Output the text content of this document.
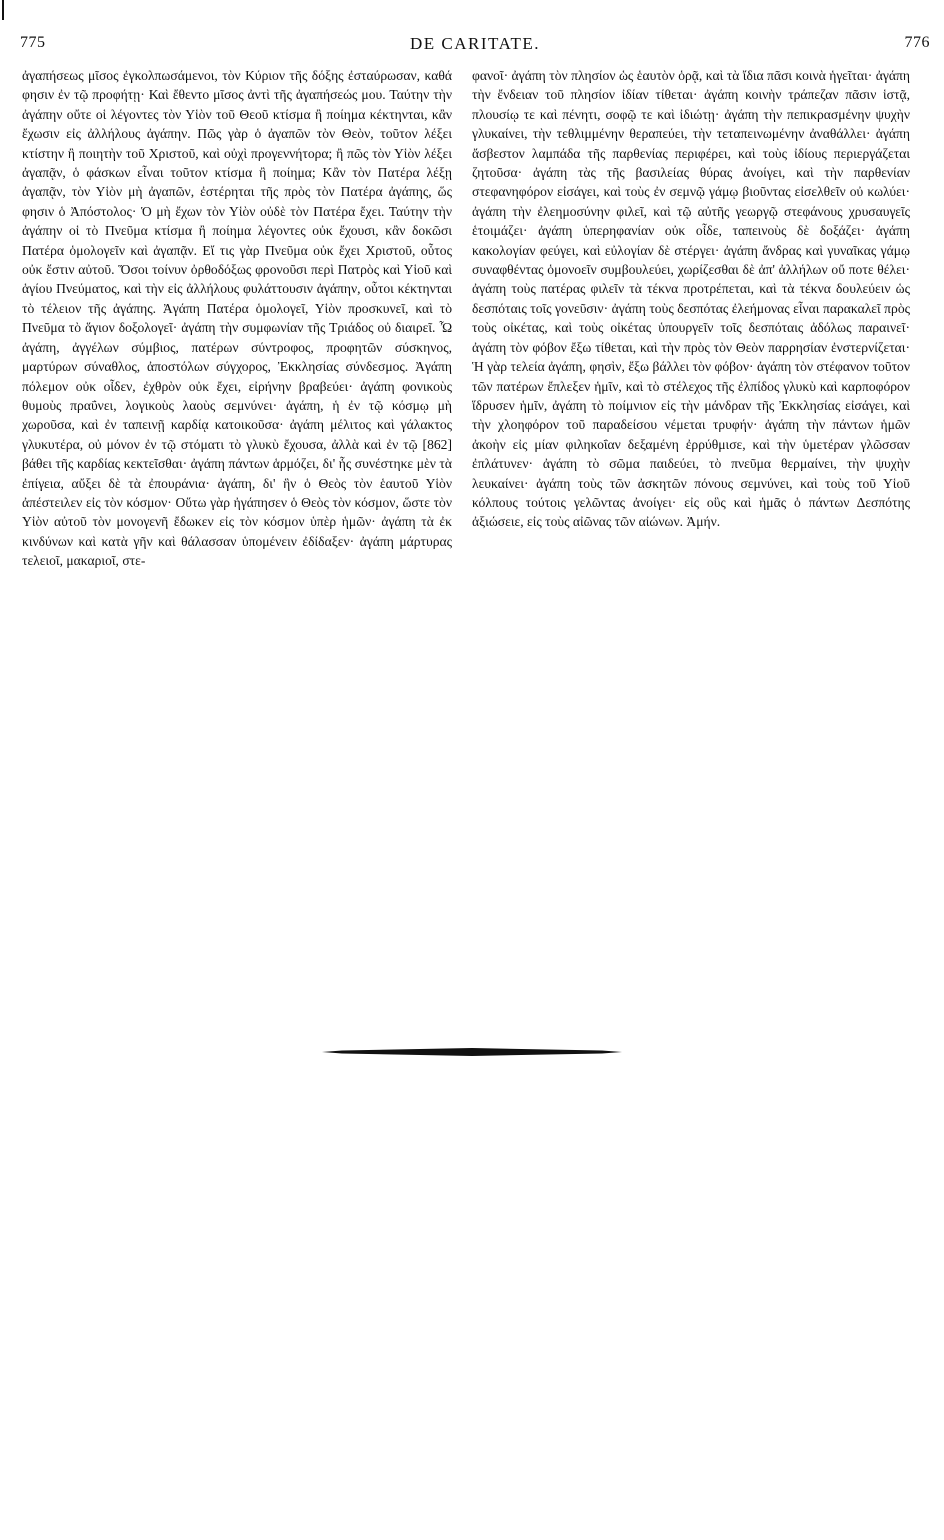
775	DE CARITATE.	776

ἀγαπήσεως μῖσος ἐγκολπωσάμενοι, τὸν Κύριον τῆς δόξης ἐσταύρωσαν, καθά φησιν ἐν τῷ προφήτῃ· Καὶ ἔθεντο μῖσος ἀντὶ τῆς ἀγαπήσεώς μου. Ταύτην τὴν ἀγάπην οὔτε οἱ λέγοντες τὸν Υἱὸν τοῦ Θεοῦ κτίσμα ἢ ποίημα κέκτηνται, κἂν ἔχωσιν εἰς ἀλλήλους ἀγάπην. Πῶς γὰρ ὁ ἀγαπῶν τὸν Θεὸν, τοῦτον λέξει κτίστην ἢ ποιητὴν τοῦ Χριστοῦ, καὶ οὐχὶ προγεννήτορα; ἢ πῶς τὸν Υἱὸν λέξει ἀγαπᾷν, ὁ φάσκων εἶναι τοῦτον κτίσμα ἢ ποίημα; Κἂν τὸν Πατέρα λέξῃ ἀγαπᾷν, τὸν Υἱὸν μὴ ἀγαπῶν, ἐστέρηται τῆς πρὸς τὸν Πατέρα ἀγάπης, ὥς φησιν ὁ Ἀπόστολος· Ὁ μὴ ἔχων τὸν Υἱὸν οὐδὲ τὸν Πατέρα ἔχει. Ταύτην τὴν ἀγάπην οἱ τὸ Πνεῦμα κτίσμα ἢ ποίημα λέγοντες οὐκ ἔχουσι, κἂν δοκῶσι Πατέρα ὁμολογεῖν καὶ ἀγαπᾷν. Εἴ τις γὰρ Πνεῦμα οὐκ ἔχει Χριστοῦ, οὗτος οὐκ ἔστιν αὐτοῦ. Ὅσοι τοίνυν ὀρθοδόξως φρονοῦσι περὶ Πατρὸς καὶ Υἱοῦ καὶ ἁγίου Πνεύματος, καὶ τὴν εἰς ἀλλήλους φυλάττουσιν ἀγάπην, οὗτοι κέκτηνται τὸ τέλειον τῆς ἀγάπης. Ἀγάπη Πατέρα ὁμολογεῖ, Υἱὸν προσκυνεῖ, καὶ τὸ Πνεῦμα τὸ ἅγιον δοξολογεῖ· ἀγάπη τὴν συμφωνίαν τῆς Τριάδος οὐ διαιρεῖ. Ὦ ἀγάπη, ἀγγέλων σύμβιος, πατέρων σύντροφος, προφητῶν σύσκηνος, μαρτύρων σύναθλος, ἀποστόλων σύγχορος, Ἐκκλησίας σύνδεσμος. Ἀγάπη πόλεμον οὐκ οἶδεν, ἐχθρὸν οὐκ ἔχει, εἰρήνην βραβεύει· ἀγάπη φονικοὺς θυμοὺς πραΰνει, λογικοὺς λαοὺς σεμνύνει· ἀγάπη, ἡ ἐν τῷ κόσμῳ μὴ χωροῦσα, καὶ ἐν ταπεινῇ καρδίᾳ κατοικοῦσα· ἀγάπη μέλιτος καὶ γάλακτος γλυκυτέρα, οὐ μόνον ἐν τῷ στόματι τὸ γλυκὺ ἔχουσα, ἀλλὰ καὶ ἐν τῷ [862] βάθει τῆς καρδίας κεκτεῖσθαι· ἀγάπη πάντων ἁρμόζει, δι' ἧς συνέστηκε μὲν τὰ ἐπίγεια, αὔξει δὲ τὰ ἐπουράνια· ἀγάπη, δι' ἣν ὁ Θεὸς τὸν ἑαυτοῦ Υἱὸν ἀπέστειλεν εἰς τὸν κόσμον· Οὕτω γὰρ ἠγάπησεν ὁ Θεὸς τὸν κόσμον, ὥστε τὸν Υἱὸν αὐτοῦ τὸν μονογενῆ ἔδωκεν εἰς τὸν κόσμον ὑπὲρ ἡμῶν· ἀγάπη τὰ ἐκ κινδύνων καὶ κατὰ γῆν καὶ θάλασσαν ὑπομένειν ἐδίδαξεν· ἀγάπη μάρτυρας τελειοῖ, μακαριοῖ, στε-

φανοῖ· ἀγάπη τὸν πλησίον ὡς ἑαυτὸν ὁρᾷ, καὶ τὰ ἴδια πᾶσι κοινὰ ἡγεῖται· ἀγάπη τὴν ἔνδειαν τοῦ πλησίον ἰδίαν τίθεται· ἀγάπη κοινὴν τράπεζαν πᾶσιν ἱστᾷ, πλουσίῳ τε καὶ πένητι, σοφῷ τε καὶ ἰδιώτῃ· ἀγάπη τὴν πεπικρασμένην ψυχὴν γλυκαίνει, τὴν τεθλιμμένην θεραπεύει, τὴν τεταπεινωμένην ἀναθάλλει· ἀγάπη ἄσβεστον λαμπάδα τῆς παρθενίας περιφέρει, καὶ τοὺς ἰδίους περιεργάζεται ζητοῦσα· ἀγάπη τὰς τῆς βασιλείας θύρας ἀνοίγει, καὶ τὴν παρθενίαν στεφανηφόρον εἰσάγει, καὶ τοὺς ἐν σεμνῷ γάμῳ βιοῦντας εἰσελθεῖν οὐ κωλύει· ἀγάπη τὴν ἐλεημοσύνην φιλεῖ, καὶ τῷ αὐτῆς γεωργῷ στεφάνους χρυσαυγεῖς ἑτοιμάζει· ἀγάπη ὑπερηφανίαν οὐκ οἶδε, ταπεινοὺς δὲ δοξάζει· ἀγάπη κακολογίαν φεύγει, καὶ εὐλογίαν δὲ στέργει· ἀγάπη ἄνδρας καὶ γυναῖκας γάμῳ συναφθέντας ὁμονοεῖν συμβουλεύει, χωρίζεσθαι δὲ ἀπ' ἀλλήλων οὔ ποτε θέλει· ἀγάπη τοὺς πατέρας φιλεῖν τὰ τέκνα προτρέπεται, καὶ τὰ τέκνα δουλεύειν ὡς δεσπόταις τοῖς γονεῦσιν· ἀγάπη τοὺς δεσπότας ἐλεήμονας εἶναι παρακαλεῖ πρὸς τοὺς οἰκέτας, καὶ τοὺς οἰκέτας ὑπουργεῖν τοῖς δεσπόταις ἀδόλως παραινεῖ· ἀγάπη τὸν φόβον ἔξω τίθεται, καὶ τὴν πρὸς τὸν Θεὸν παρρησίαν ἐνστερνίζεται· Ἡ γὰρ τελεία ἀγάπη, φησὶν, ἔξω βάλλει τὸν φόβον· ἀγάπη τὸν στέφανον τοῦτον τῶν πατέρων ἔπλεξεν ἡμῖν, καὶ τὸ στέλεχος τῆς ἐλπίδος γλυκὺ καὶ καρποφόρον ἵδρυσεν ἡμῖν, ἀγάπη τὸ ποίμνιον εἰς τὴν μάνδραν τῆς Ἐκκλησίας εἰσάγει, καὶ τὴν χλοηφόρον τοῦ παραδείσου νέμεται τρυφήν· ἀγάπη τὴν πάντων ἡμῶν ἀκοὴν εἰς μίαν φιληκοΐαν δεξαμένη ἐρρύθμισε, καὶ τὴν ὑμετέραν γλῶσσαν ἐπλάτυνεν· ἀγάπη τὸ σῶμα παιδεύει, τὸ πνεῦμα θερμαίνει, τὴν ψυχὴν λευκαίνει· ἀγάπη τοὺς τῶν ἀσκητῶν πόνους σεμνύνει, καὶ τοὺς τοῦ Υἱοῦ κόλπους τούτοις γελῶντας ἀνοίγει· εἰς οὓς καὶ ἡμᾶς ὁ πάντων Δεσπότης ἀξιώσειε, εἰς τοὺς αἰῶνας τῶν αἰώνων. Ἀμήν.
